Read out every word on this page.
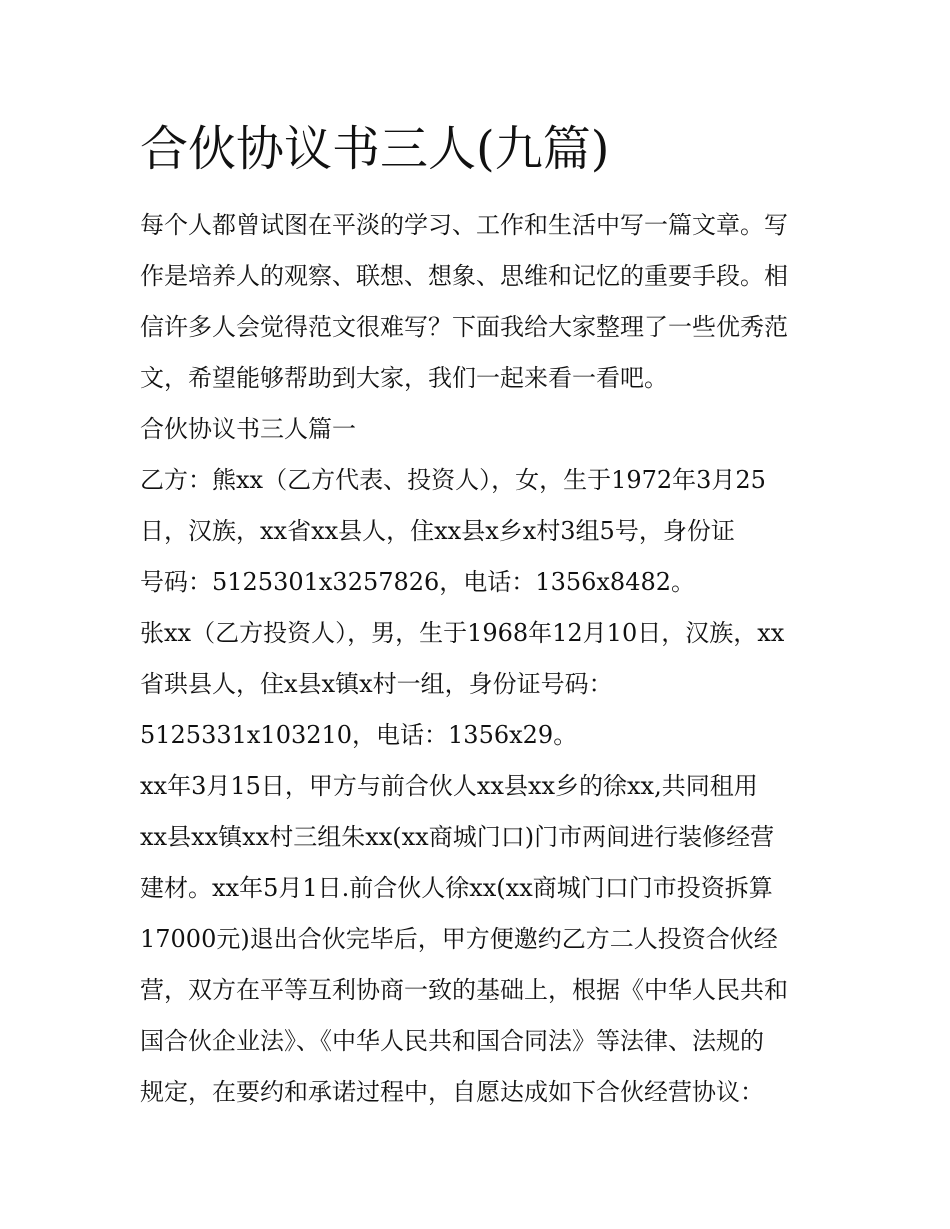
合伙协议书三人(九篇)

每个人都曾试图在平淡的学习、工作和生活中写一篇文章。写
作是培养人的观察、联想、想象、思维和记忆的重要手段。相
信许多人会觉得范文很难写？下面我给大家整理了一些优秀范
文，希望能够帮助到大家，我们一起来看一看吧。

合伙协议书三人篇一

乙方：熊xx（乙方代表、投资人），女，生于1972年3月25
日，汉族，xx省xx县人，住xx县x乡x村3组5号，身份证
号码：5125301x3257826，电话：1356x8482。

张xx（乙方投资人），男，生于1968年12月10日，汉族，xx
省珙县人，住x县x镇x村一组，身份证号码：
5125331x103210，电话：1356x29。

xx年3月15日，甲方与前合伙人xx县xx乡的徐xx,共同租用
xx县xx镇xx村三组朱xx(xx商城门口)门市两间进行装修经营
建材。xx年5月1日.前合伙人徐xx(xx商城门口门市投资拆算
17000元)退出合伙完毕后，甲方便邀约乙方二人投资合伙经
营，双方在平等互利协商一致的基础上，根据《中华人民共和
国合伙企业法》、《中华人民共和国合同法》等法律、法规的
规定，在要约和承诺过程中，自愿达成如下合伙经营协议：
